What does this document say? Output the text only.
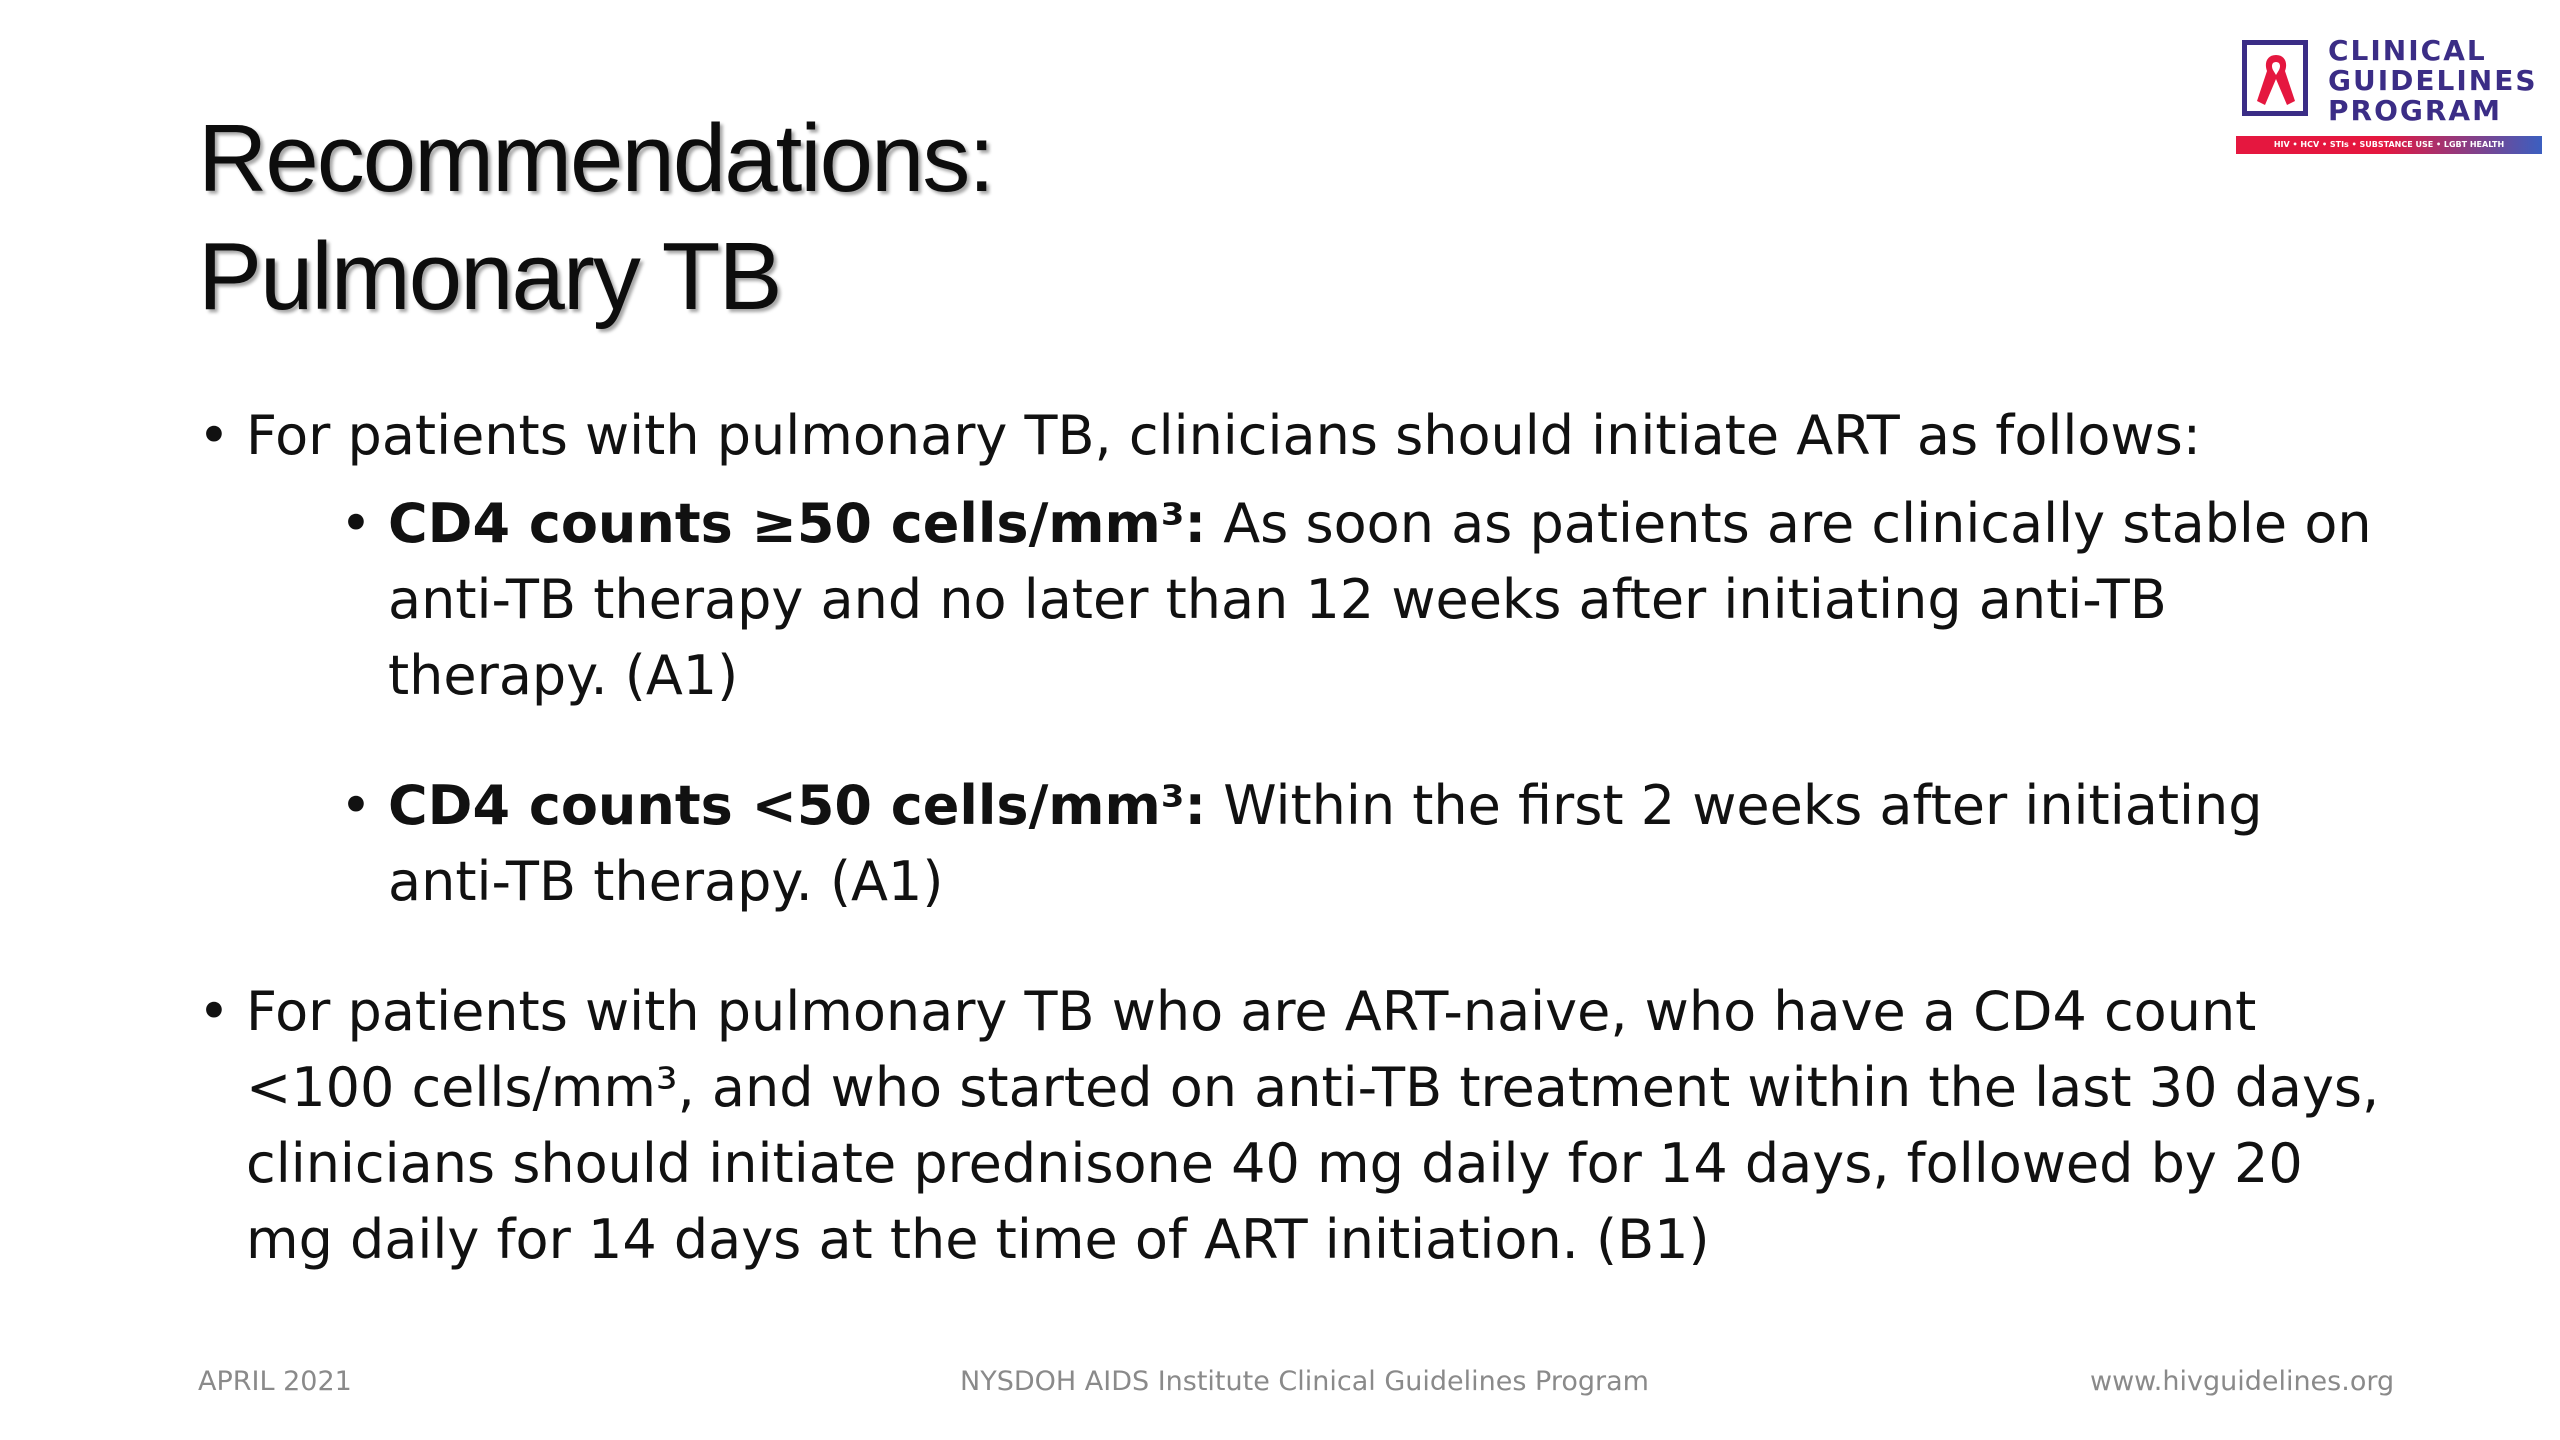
Recommendations:
Pulmonary TB
CLINICAL
GUIDELINES
PROGRAM
HIV • HCV • STIs • SUBSTANCE USE • LGBT HEALTH

• For patients with pulmonary TB, clinicians should initiate ART as follows:

• CD4 counts ≥50 cells/mm³: As soon as patients are clinically stable on anti-TB therapy and no later than 12 weeks after initiating anti-TB therapy. (A1)

• CD4 counts <50 cells/mm³: Within the first 2 weeks after initiating anti-TB therapy. (A1)

• For patients with pulmonary TB who are ART-naive, who have a CD4 count <100 cells/mm³, and who started on anti-TB treatment within the last 30 days, clinicians should initiate prednisone 40 mg daily for 14 days, followed by 20 mg daily for 14 days at the time of ART initiation. (B1)

APRIL 2021	NYSDOH AIDS Institute Clinical Guidelines Program	www.hivguidelines.org
